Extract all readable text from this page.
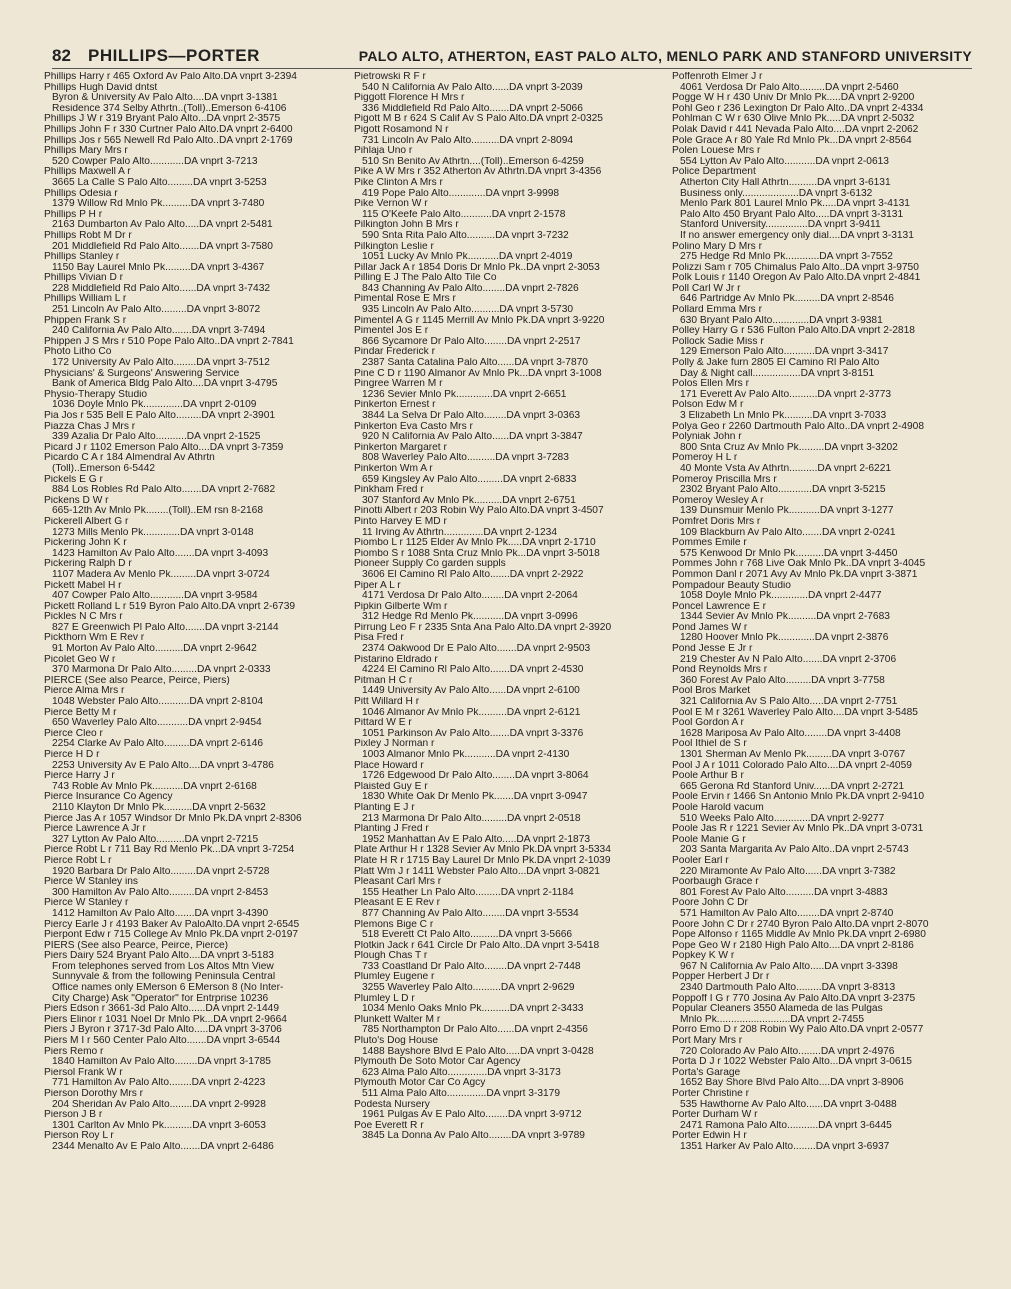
82 PHILLIPS—PORTER	PALO ALTO, ATHERTON, EAST PALO ALTO, MENLO PARK AND STANFORD UNIVERSITY
Phillips Harry r 465 Oxford Av Palo Alto.DA vnprt 3-2394
Phillips Hugh David dntst
Byron & University Av Palo Alto....DA vnprt 3-1381
Residence 374 Selby Athrtn..(Toll)..Emerson 6-4106
Phillips J W r 319 Bryant Palo Alto...DA vnprt 2-3575
Phillips John F r 330 Curtner Palo Alto.DA vnprt 2-6400
Phillips Jos r 565 Newell Rd Palo Alto..DA vnprt 2-1769
Phillips Mary Mrs r
520 Cowper Palo Alto............DA vnprt 3-7213
Phillips Maxwell A r
3665 La Calle S Palo Alto.........DA vnprt 3-5253
Phillips Odesia r
1379 Willow Rd Mnlo Pk..........DA vnprt 3-7480
Phillips P H r
2163 Dumbarton Av Palo Alto.....DA vnprt 2-5481
Phillips Robt M Dr r
201 Middlefield Rd Palo Alto.......DA vnprt 3-7580
Phillips Stanley r
1150 Bay Laurel Mnlo Pk.........DA vnprt 3-4367
Phillips Vivian D r
228 Middlefield Rd Palo Alto......DA vnprt 3-7432
Phillips William L r
251 Lincoln Av Palo Alto.........DA vnprt 3-8072
Phippen Frank S r
240 California Av Palo Alto.......DA vnprt 3-7494
Phippen J S Mrs r 510 Pope Palo Alto..DA vnprt 2-7841
Photo Litho Co
172 University Av Palo Alto........DA vnprt 3-7512
Physicians' & Surgeons' Answering Service
Bank of America Bldg Palo Alto....DA vnprt 3-4795
Physio-Therapy Studio
1036 Doyle Mnlo Pk..............DA vnprt 2-0109
Pia Jos r 535 Bell E Palo Alto.........DA vnprt 2-3901
Piazza Chas J Mrs r
339 Azalia Dr Palo Alto...........DA vnprt 2-1525
Picard J r 1102 Emerson Palo Alto....DA vnprt 3-7359
Picardo C A r 184 Almendral Av Athrtn
(Toll)..Emerson 6-5442
Pickels E G r
884 Los Robles Rd Palo Alto.......DA vnprt 2-7682
Pickens D W r
665-12th Av Mnlo Pk........(Toll)..EM rsn 8-2168
Pickerell Albert G r
1273 Mills Menlo Pk.............DA vnprt 3-0148
Pickering John K r
1423 Hamilton Av Palo Alto.......DA vnprt 3-4093
Pickering Ralph D r
1107 Madera Av Menlo Pk.........DA vnprt 3-0724
Pickett Mabel H r
407 Cowper Palo Alto............DA vnprt 3-9584
Pickett Rolland L r 519 Byron Palo Alto.DA vnprt 2-6739
Pickles N C Mrs r
827 E Greenwich Pl Palo Alto.......DA vnprt 3-2144
Pickthorn Wm E Rev r
91 Morton Av Palo Alto..........DA vnprt 2-9642
Picolet Geo W r
370 Marmona Dr Palo Alto.........DA vnprt 2-0333
PIERCE (See also Pearce, Peirce, Piers)
Pierce Alma Mrs r
1048 Webster Palo Alto...........DA vnprt 2-8104
Pierce Betty M r
650 Waverley Palo Alto...........DA vnprt 2-9454
Pierce Cleo r
2254 Clarke Av Palo Alto.........DA vnprt 2-6146
Pierce H D r
2253 University Av E Palo Alto....DA vnprt 3-4786
Pierce Harry J r
743 Roble Av Mnlo Pk...........DA vnprt 2-6168
Pierce Insurance Co Agency
2110 Klayton Dr Mnlo Pk..........DA vnprt 2-5632
Pierce Jas A r 1057 Windsor Dr Mnlo Pk.DA vnprt 2-8306
Pierce Lawrence A Jr r
327 Lytton Av Palo Alto..........DA vnprt 2-7215
Pierce Robt L r 711 Bay Rd Menlo Pk...DA vnprt 3-7254
Pierce Robt L r
1920 Barbara Dr Palo Alto.........DA vnprt 2-5728
Pierce W Stanley ins
300 Hamilton Av Palo Alto.........DA vnprt 2-8453
Pierce W Stanley r
1412 Hamilton Av Palo Alto.......DA vnprt 3-4390
Piercy Earle J r 4193 Baker Av PaloAlto.DA vnprt 2-6545
Pierpont Edw r 715 College Av Mnlo Pk.DA vnprt 2-0197
PIERS (See also Pearce, Peirce, Pierce)
Piers Dairy 524 Bryant Palo Alto....DA vnprt 3-5183
From telephones served from Los Altos Mtn View
Sunnyvale & from the following Peninsula Central
Office names only EMerson 6 EMerson 8 (No Inter-
City Charge) Ask "Operator" for Entrprise 10236
Piers Edson r 3661-3d Palo Alto......DA vnprt 2-1449
Piers Elinor r 1031 Noel Dr Mnlo Pk...DA vnprt 2-9664
Piers J Byron r 3717-3d Palo Alto.....DA vnprt 3-3706
Piers M I r 560 Center Palo Alto.......DA vnprt 3-6544
Piers Remo r
1840 Hamilton Av Palo Alto........DA vnprt 3-1785
Piersol Frank W r
771 Hamilton Av Palo Alto........DA vnprt 2-4223
Pierson Dorothy Mrs r
204 Sheridan Av Palo Alto........DA vnprt 2-9928
Pierson J B r
1301 Carlton Av Mnlo Pk..........DA vnprt 3-6053
Pierson Roy L r
2344 Menalto Av E Palo Alto.......DA vnprt 2-6486
Pietrowski R F r
540 N California Av Palo Alto......DA vnprt 3-2039
Piggott Florence H Mrs r
336 Middlefield Rd Palo Alto.......DA vnprt 2-5066
Pigott M B r 624 S Calif Av S Palo Alto.DA vnprt 2-0325
Pigott Rosamond N r
731 Lincoln Av Palo Alto..........DA vnprt 2-8094
Pihlaja Uno r
510 Sn Benito Av Athrtn....(Toll)..Emerson 6-4259
Pike A W Mrs r 352 Atherton Av Athrtn.DA vnprt 3-4356
Pike Clinton A Mrs r
419 Pope Palo Alto.............DA vnprt 3-9998
Pike Vernon W r
115 O'Keefe Palo Alto...........DA vnprt 2-1578
Pilkington John B Mrs r
590 Snta Rita Palo Alto..........DA vnprt 3-7232
Pilkington Leslie r
1051 Lucky Av Mnlo Pk...........DA vnprt 2-4019
Pillar Jack A r 1854 Doris Dr Mnlo Pk..DA vnprt 2-3053
Pilling E J The Palo Alto Tile Co
843 Channing Av Palo Alto........DA vnprt 2-7826
Pimental Rose E Mrs r
935 Lincoln Av Palo Alto..........DA vnprt 3-5730
Pimentel A G r 1145 Merrill Av Mnlo Pk.DA vnprt 3-9220
Pimentel Jos E r
866 Sycamore Dr Palo Alto........DA vnprt 2-2517
Pindar Frederick r
2387 Santa Catalina Palo Alto......DA vnprt 3-7870
Pine C D r 1190 Almanor Av Mnlo Pk...DA vnprt 3-1008
Pingree Warren M r
1236 Sevier Mnlo Pk.............DA vnprt 2-6651
Pinkerton Ernest r
3844 La Selva Dr Palo Alto........DA vnprt 3-0363
Pinkerton Eva Casto Mrs r
920 N California Av Palo Alto......DA vnprt 3-3847
Pinkerton Margaret r
808 Waverley Palo Alto..........DA vnprt 3-7283
Pinkerton Wm A r
659 Kingsley Av Palo Alto.........DA vnprt 2-6833
Pinkham Fred r
307 Stanford Av Mnlo Pk..........DA vnprt 2-6751
Pinotti Albert r 203 Robin Wy Palo Alto.DA vnprt 3-4507
Pinto Harvey E MD r
11 Irving Av Athrtn..............DA vnprt 2-1234
Piombo L r 1125 Elder Av Mnlo Pk.....DA vnprt 2-1710
Piombo S r 1088 Snta Cruz Mnlo Pk...DA vnprt 3-5018
Pioneer Supply Co garden suppls
3606 El Camino Rl Palo Alto.......DA vnprt 2-2922
Piper A L r
4171 Verdosa Dr Palo Alto........DA vnprt 2-2064
Pipkin Gilberte Wm r
312 Hedge Rd Menlo Pk...........DA vnprt 3-0996
Pirrung Leo F r 2335 Snta Ana Palo Alto.DA vnprt 2-3920
Pisa Fred r
2374 Oakwood Dr E Palo Alto.......DA vnprt 2-9503
Pistarino Eldrado r
4224 El Camino Rl Palo Alto.......DA vnprt 2-4530
Pitman H C r
1449 University Av Palo Alto......DA vnprt 2-6100
Pitt Willard H r
1046 Almanor Av Mnlo Pk..........DA vnprt 2-6121
Pittard W E r
1051 Parkinson Av Palo Alto.......DA vnprt 3-3376
Pixley J Norman r
1003 Almanor Mnlo Pk...........DA vnprt 2-4130
Place Howard r
1726 Edgewood Dr Palo Alto........DA vnprt 3-8064
Plaisted Guy E r
1830 White Oak Dr Menlo Pk.......DA vnprt 3-0947
Planting E J r
213 Marmona Dr Palo Alto.........DA vnprt 2-0518
Planting J Fred r
1952 Manhattan Av E Palo Alto.....DA vnprt 2-1873
Plate Arthur H r 1328 Sevier Av Mnlo Pk.DA vnprt 3-5334
Plate H R r 1715 Bay Laurel Dr Mnlo Pk.DA vnprt 2-1039
Platt Wm J r 1411 Webster Palo Alto...DA vnprt 3-0821
Pleasant Carl Mrs r
155 Heather Ln Palo Alto.........DA vnprt 2-1184
Pleasant E E Rev r
877 Channing Av Palo Alto........DA vnprt 3-5534
Plemons Bige C r
518 Everett Ct Palo Alto..........DA vnprt 3-5666
Plotkin Jack r 641 Circle Dr Palo Alto..DA vnprt 3-5418
Plough Chas T r
733 Coastland Dr Palo Alto........DA vnprt 2-7448
Plumley Eugene r
3255 Waverley Palo Alto..........DA vnprt 2-9629
Plumley L D r
1034 Menlo Oaks Mnlo Pk..........DA vnprt 2-3433
Plunkett Walter M r
785 Northampton Dr Palo Alto......DA vnprt 2-4356
Pluto's Dog House
1488 Bayshore Blvd E Palo Alto.....DA vnprt 3-0428
Plymouth De Soto Motor Car Agency
623 Alma Palo Alto..............DA vnprt 3-3173
Plymouth Motor Car Co Agcy
511 Alma Palo Alto..............DA vnprt 3-3179
Podesta Nursery
1961 Pulgas Av E Palo Alto........DA vnprt 3-9712
Poe Everett R r
3845 La Donna Av Palo Alto........DA vnprt 3-9789
Poffenroth Elmer J r
4061 Verdosa Dr Palo Alto.........DA vnprt 2-5460
Pogge W H r 430 Univ Dr Mnlo Pk.....DA vnprt 2-9200
Pohl Geo r 236 Lexington Dr Palo Alto..DA vnprt 2-4334
Pohlman C W r 630 Olive Mnlo Pk.....DA vnprt 2-5032
Polak David r 441 Nevada Palo Alto....DA vnprt 2-2062
Pole Grace A r 80 Yale Rd Mnlo Pk...DA vnprt 2-8564
Polen Louese Mrs r
554 Lytton Av Palo Alto...........DA vnprt 2-0613
Police Department
Atherton City Hall Athrtn..........DA vnprt 3-6131
Business only....................DA vnprt 3-6132
Menlo Park 801 Laurel Mnlo Pk.....DA vnprt 3-4131
Palo Alto 450 Bryant Palo Alto.....DA vnprt 3-3131
Stanford University...............DA vnprt 3-9411
If no answer emergency only dial....DA vnprt 3-3131
Polino Mary D Mrs r
275 Hedge Rd Mnlo Pk............DA vnprt 3-7552
Polizzi Sam r 705 Chimalus Palo Alto..DA vnprt 3-9750
Polk Louis r 1140 Oregon Av Palo Alto.DA vnprt 2-4841
Poll Carl W Jr r
646 Partridge Av Mnlo Pk.........DA vnprt 2-8546
Pollard Emma Mrs r
630 Bryant Palo Alto.............DA vnprt 3-9381
Polley Harry G r 536 Fulton Palo Alto.DA vnprt 2-2818
Pollock Sadie Miss r
129 Emerson Palo Alto...........DA vnprt 3-3417
Polly & Jake furn 2805 El Camino Rl Palo Alto
Day & Night call.................DA vnprt 3-8151
Polos Ellen Mrs r
171 Everett Av Palo Alto..........DA vnprt 2-3773
Polson Edw M r
3 Elizabeth Ln Mnlo Pk..........DA vnprt 3-7033
Polya Geo r 2260 Dartmouth Palo Alto..DA vnprt 2-4908
Polyniak John r
800 Snta Cruz Av Mnlo Pk.........DA vnprt 3-3202
Pomeroy H L r
40 Monte Vsta Av Athrtn..........DA vnprt 2-6221
Pomeroy Priscilla Mrs r
2302 Bryant Palo Alto............DA vnprt 3-5215
Pomeroy Wesley A r
139 Dunsmuir Menlo Pk...........DA vnprt 3-1277
Pomfret Doris Mrs r
109 Blackburn Av Palo Alto.......DA vnprt 2-0241
Pommes Emile r
575 Kenwood Dr Mnlo Pk..........DA vnprt 3-4450
Pommes John r 768 Live Oak Mnlo Pk..DA vnprt 3-4045
Pommon Danl r 2071 Avy Av Mnlo Pk.DA vnprt 3-3871
Pompadour Beauty Studio
1058 Doyle Mnlo Pk.............DA vnprt 2-4477
Poncel Lawrence E r
1344 Sevier Av Mnlo Pk..........DA vnprt 2-7683
Pond James W r
1280 Hoover Mnlo Pk.............DA vnprt 2-3876
Pond Jesse E Jr r
219 Chester Av N Palo Alto.......DA vnprt 2-3706
Pond Reynolds Mrs r
360 Forest Av Palo Alto.........DA vnprt 3-7758
Pool Bros Market
321 California Av S Palo Alto.....DA vnprt 2-7751
Pool E M r 3261 Waverley Palo Alto....DA vnprt 3-5485
Pool Gordon A r
1628 Mariposa Av Palo Alto........DA vnprt 3-4408
Pool Ithiel de S r
1301 Sherman Av Menlo Pk.........DA vnprt 3-0767
Pool J A r 1011 Colorado Palo Alto....DA vnprt 2-4059
Poole Arthur B r
665 Gerona Rd Stanford Univ......DA vnprt 2-2721
Poole Ervin r 1466 Sn Antonio Mnlo Pk.DA vnprt 2-9410
Poole Harold vacum
510 Weeks Palo Alto.............DA vnprt 2-9277
Poole Jas R r 1221 Sevier Av Mnlo Pk..DA vnprt 3-0731
Poole Manie G r
203 Santa Margarita Av Palo Alto..DA vnprt 2-5743
Pooler Earl r
220 Miramonte Av Palo Alto......DA vnprt 3-7382
Poorbaugh Grace r
801 Forest Av Palo Alto..........DA vnprt 3-4883
Poore John C Dr
571 Hamilton Av Palo Alto........DA vnprt 2-8740
Poore John C Dr r 2740 Byron Palo Alto.DA vnprt 2-8070
Pope Alfonso r 1165 Middle Av Mnlo Pk.DA vnprt 2-6980
Pope Geo W r 2180 High Palo Alto....DA vnprt 2-8186
Popkey K W r
967 N California Av Palo Alto.....DA vnprt 3-3398
Popper Herbert J Dr r
2340 Dartmouth Palo Alto.........DA vnprt 3-8313
Poppoff I G r 770 Josina Av Palo Alto.DA vnprt 3-2375
Popular Cleaners 3550 Alameda de las Pulgas
Mnlo Pk..........................DA vnprt 2-7455
Porro Emo D r 208 Robin Wy Palo Alto.DA vnprt 2-0577
Port Mary Mrs r
720 Colorado Av Palo Alto........DA vnprt 2-4976
Porta D J r 1022 Webster Palo Alto...DA vnprt 3-0615
Porta's Garage
1652 Bay Shore Blvd Palo Alto....DA vnprt 3-8906
Porter Christine r
535 Hawthorne Av Palo Alto......DA vnprt 3-0488
Porter Durham W r
2471 Ramona Palo Alto...........DA vnprt 3-6445
Porter Edwin H r
1351 Harker Av Palo Alto........DA vnprt 3-6937
